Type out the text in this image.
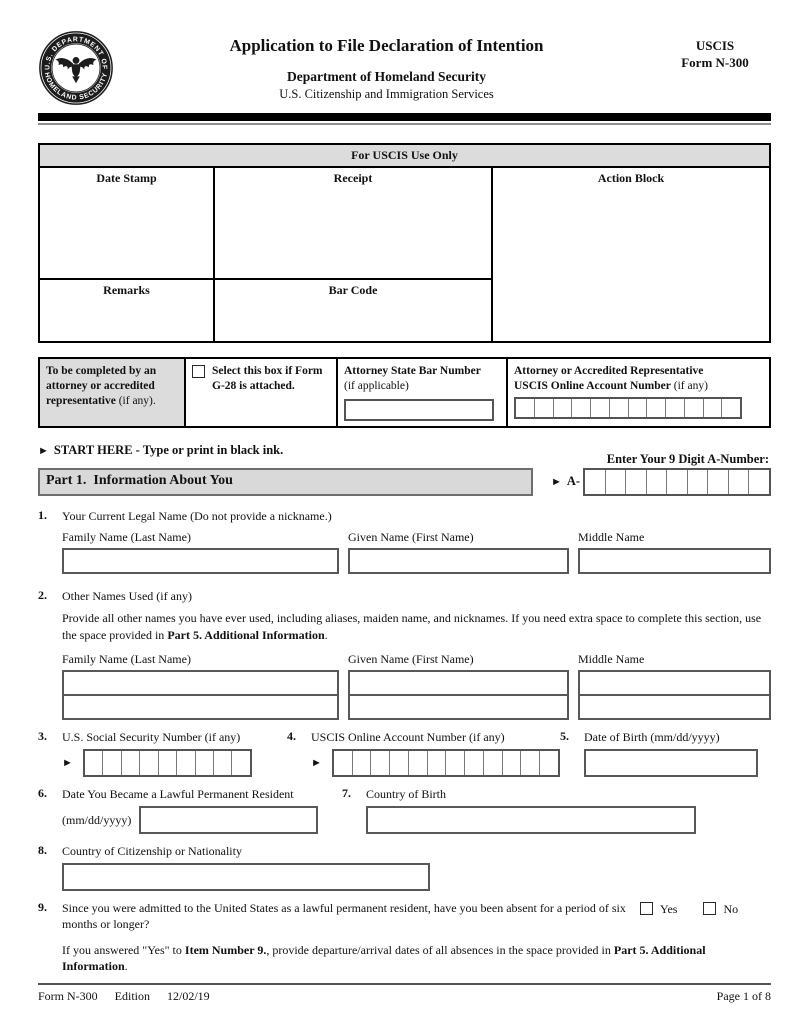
U.S. DEPARTMENT OF
HOMELAND SECURITY
Application to File Declaration of Intention
Department of Homeland Security
U.S. Citizenship and Immigration Services
USCIS
Form N-300
For USCIS Use Only
Date Stamp	Receipt	Action Block
Remarks	Bar Code
To be completed by an attorney or accredited representative (if any).
Select this box if Form G-28 is attached.
Attorney State Bar Number
(if applicable)
Attorney or Accredited Representative
USCIS Online Account Number (if any)
► START HERE - Type or print in black ink.
Enter Your 9 Digit A-Number:
Part 1.  Information About You	► A-
1.	Your Current Legal Name (Do not provide a nickname.)
Family Name (Last Name)	Given Name (First Name)	Middle Name
2.	Other Names Used (if any)
Provide all other names you have ever used, including aliases, maiden name, and nicknames. If you need extra space to complete this section, use the space provided in Part 5. Additional Information.
Family Name (Last Name)	Given Name (First Name)	Middle Name
3.	U.S. Social Security Number (if any)
►
4.	USCIS Online Account Number (if any)
►
5.	Date of Birth (mm/dd/yyyy)
6.	Date You Became a Lawful Permanent Resident
(mm/dd/yyyy)
7.	Country of Birth
8.	Country of Citizenship or Nationality
9.	Since you were admitted to the United States as a lawful permanent resident, have you been absent for a period of six months or longer?
Yes	No
If you answered "Yes" to Item Number 9., provide departure/arrival dates of all absences in the space provided in Part 5. Additional Information.
Form N-300 Edition 12/02/19	Page 1 of 8
